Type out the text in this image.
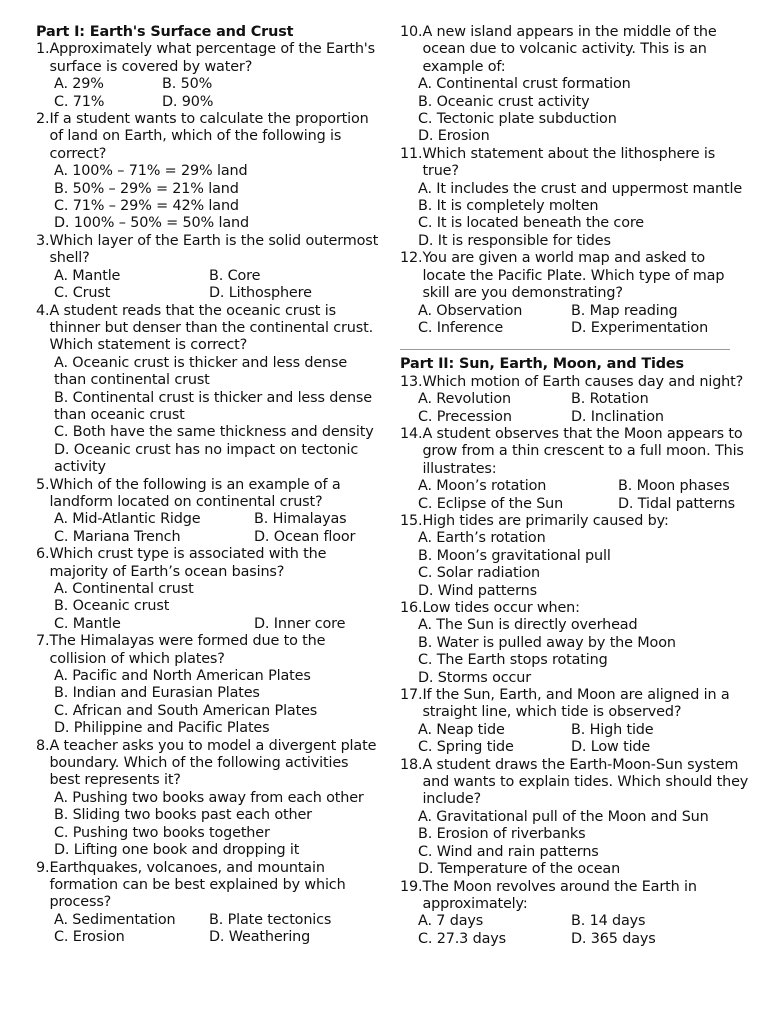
Part I: Earth's Surface and Crust
1. Approximately what percentage of the Earth's surface is covered by water?
A. 29%	B. 50%
C. 71%	D. 90%
2. If a student wants to calculate the proportion of land on Earth, which of the following is correct?
A. 100% – 71% = 29% land
B. 50% – 29% = 21% land
C. 71% – 29% = 42% land
D. 100% – 50% = 50% land
3. Which layer of the Earth is the solid outermost shell?
A. Mantle	B. Core
C. Crust	D. Lithosphere
4. A student reads that the oceanic crust is thinner but denser than the continental crust. Which statement is correct?
A. Oceanic crust is thicker and less dense than continental crust
B. Continental crust is thicker and less dense than oceanic crust
C. Both have the same thickness and density
D. Oceanic crust has no impact on tectonic activity
5. Which of the following is an example of a landform located on continental crust?
A. Mid-Atlantic Ridge	B. Himalayas
C. Mariana Trench	D. Ocean floor
6. Which crust type is associated with the majority of Earth’s ocean basins?
A. Continental crust
B. Oceanic crust
C. Mantle	D. Inner core
7. The Himalayas were formed due to the collision of which plates?
A. Pacific and North American Plates
B. Indian and Eurasian Plates
C. African and South American Plates
D. Philippine and Pacific Plates
8. A teacher asks you to model a divergent plate boundary. Which of the following activities best represents it?
A. Pushing two books away from each other
B. Sliding two books past each other
C. Pushing two books together
D. Lifting one book and dropping it
9. Earthquakes, volcanoes, and mountain formation can be best explained by which process?
A. Sedimentation	B. Plate tectonics
C. Erosion	D. Weathering
10. A new island appears in the middle of the ocean due to volcanic activity. This is an example of:
A. Continental crust formation
B. Oceanic crust activity
C. Tectonic plate subduction
D. Erosion
11. Which statement about the lithosphere is true?
A. It includes the crust and uppermost mantle
B. It is completely molten
C. It is located beneath the core
D. It is responsible for tides
12. You are given a world map and asked to locate the Pacific Plate. Which type of map skill are you demonstrating?
A. Observation	B. Map reading
C. Inference	D. Experimentation
Part II: Sun, Earth, Moon, and Tides
13. Which motion of Earth causes day and night?
A. Revolution	B. Rotation
C. Precession	D. Inclination
14. A student observes that the Moon appears to grow from a thin crescent to a full moon. This illustrates:
A. Moon’s rotation	B. Moon phases
C. Eclipse of the Sun	D. Tidal patterns
15. High tides are primarily caused by:
A. Earth’s rotation
B. Moon’s gravitational pull
C. Solar radiation
D. Wind patterns
16. Low tides occur when:
A. The Sun is directly overhead
B. Water is pulled away by the Moon
C. The Earth stops rotating
D. Storms occur
17. If the Sun, Earth, and Moon are aligned in a straight line, which tide is observed?
A. Neap tide	B. High tide
C. Spring tide	D. Low tide
18. A student draws the Earth-Moon-Sun system and wants to explain tides. Which should they include?
A. Gravitational pull of the Moon and Sun
B. Erosion of riverbanks
C. Wind and rain patterns
D. Temperature of the ocean
19. The Moon revolves around the Earth in approximately:
A. 7 days	B. 14 days
C. 27.3 days	D. 365 days
